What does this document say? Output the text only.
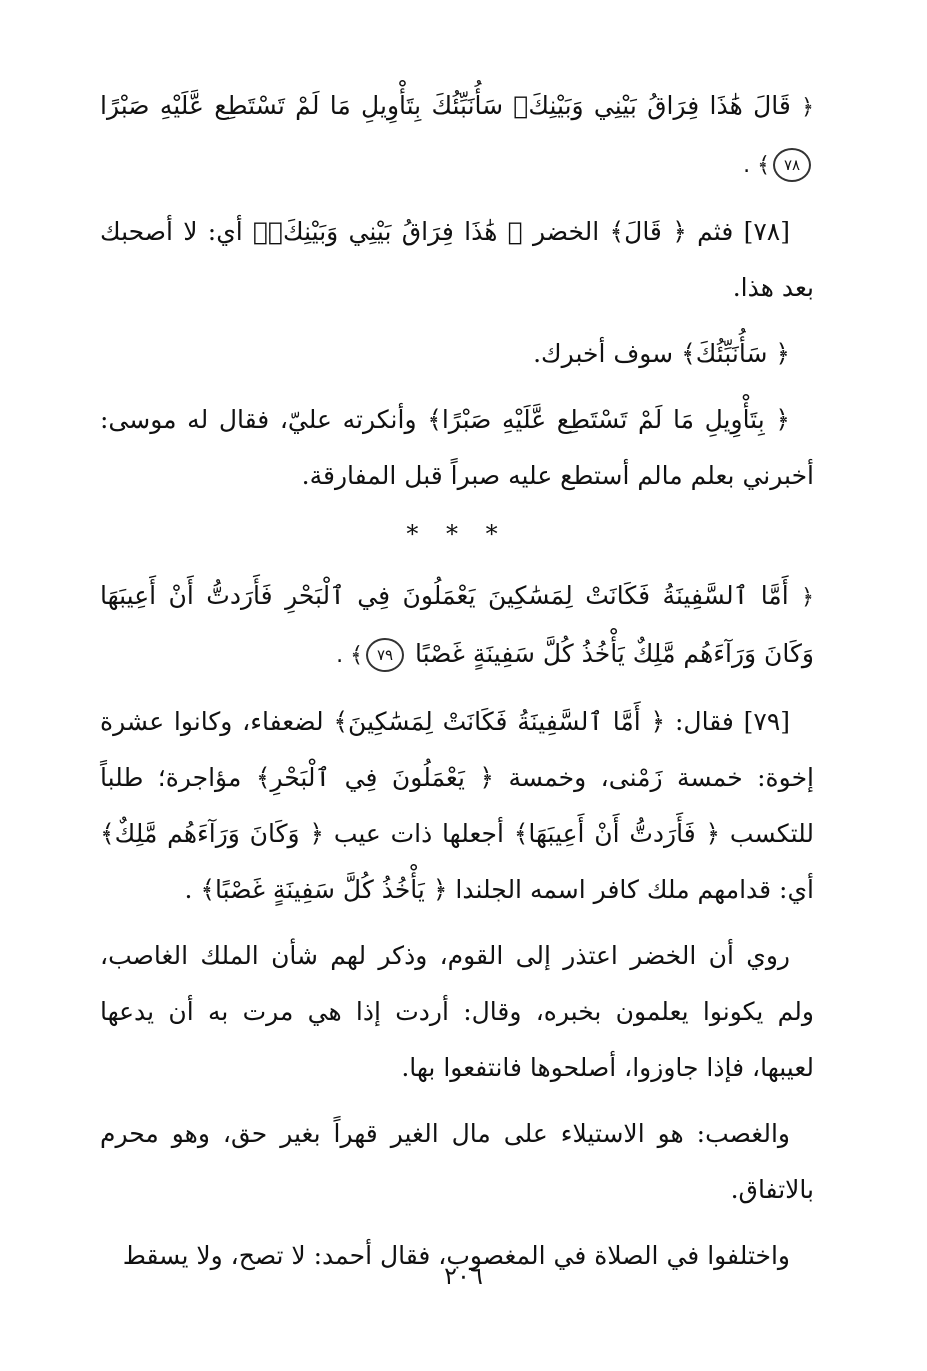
﴿ قَالَ هَٰذَا فِرَاقُ بَيْنِي وَبَيْنِكَۚ سَأُنَبِّئُكَ بِتَأْوِيلِ مَا لَمْ تَسْتَطِع عَّلَيْهِ صَبْرًا ٧٨﴾ .

[٧٨] فثم ﴿ قَالَ﴾ الخضر ﴿ هَٰذَا فِرَاقُ بَيْنِي وَبَيْنِكَۚ﴾ أي: لا أصحبك بعد هذا.

﴿ سَأُنَبِّئُكَ﴾ سوف أخبرك.

﴿ بِتَأْوِيلِ مَا لَمْ تَسْتَطِع عَّلَيْهِ صَبْرًا﴾ وأنكرته عليّ، فقال له موسى: أخبرني بعلم مالم أستطع عليه صبراً قبل المفارقة.

* * *

﴿ أَمَّا ٱلسَّفِينَةُ فَكَانَتْ لِمَسَٰكِينَ يَعْمَلُونَ فِي ٱلْبَحْرِ فَأَرَدتُّ أَنْ أَعِيبَهَا وَكَانَ وَرَآءَهُم مَّلِكٌ يَأْخُذُ كُلَّ سَفِينَةٍ غَصْبًا ٧٩﴾ .

[٧٩] فقال: ﴿ أَمَّا ٱلسَّفِينَةُ فَكَانَتْ لِمَسَٰكِينَ﴾ لضعفاء، وكانوا عشرة إخوة: خمسة زَمْنى، وخمسة ﴿ يَعْمَلُونَ فِي ٱلْبَحْرِ﴾ مؤاجرة؛ طلباً للتكسب ﴿ فَأَرَدتُّ أَنْ أَعِيبَهَا﴾ أجعلها ذات عيب ﴿ وَكَانَ وَرَآءَهُم مَّلِكٌ﴾ أي: قدامهم ملك كافر اسمه الجلندا ﴿ يَأْخُذُ كُلَّ سَفِينَةٍ غَصْبًا﴾ .

روي أن الخضر اعتذر إلى القوم، وذكر لهم شأن الملك الغاصب، ولم يكونوا يعلمون بخبره، وقال: أردت إذا هي مرت به أن يدعها لعيبها، فإذا جاوزوا، أصلحوها فانتفعوا بها.

والغصب: هو الاستيلاء على مال الغير قهراً بغير حق، وهو محرم بالاتفاق.

واختلفوا في الصلاة في المغصوب، فقال أحمد: لا تصح، ولا يسقط

٢٠٦
